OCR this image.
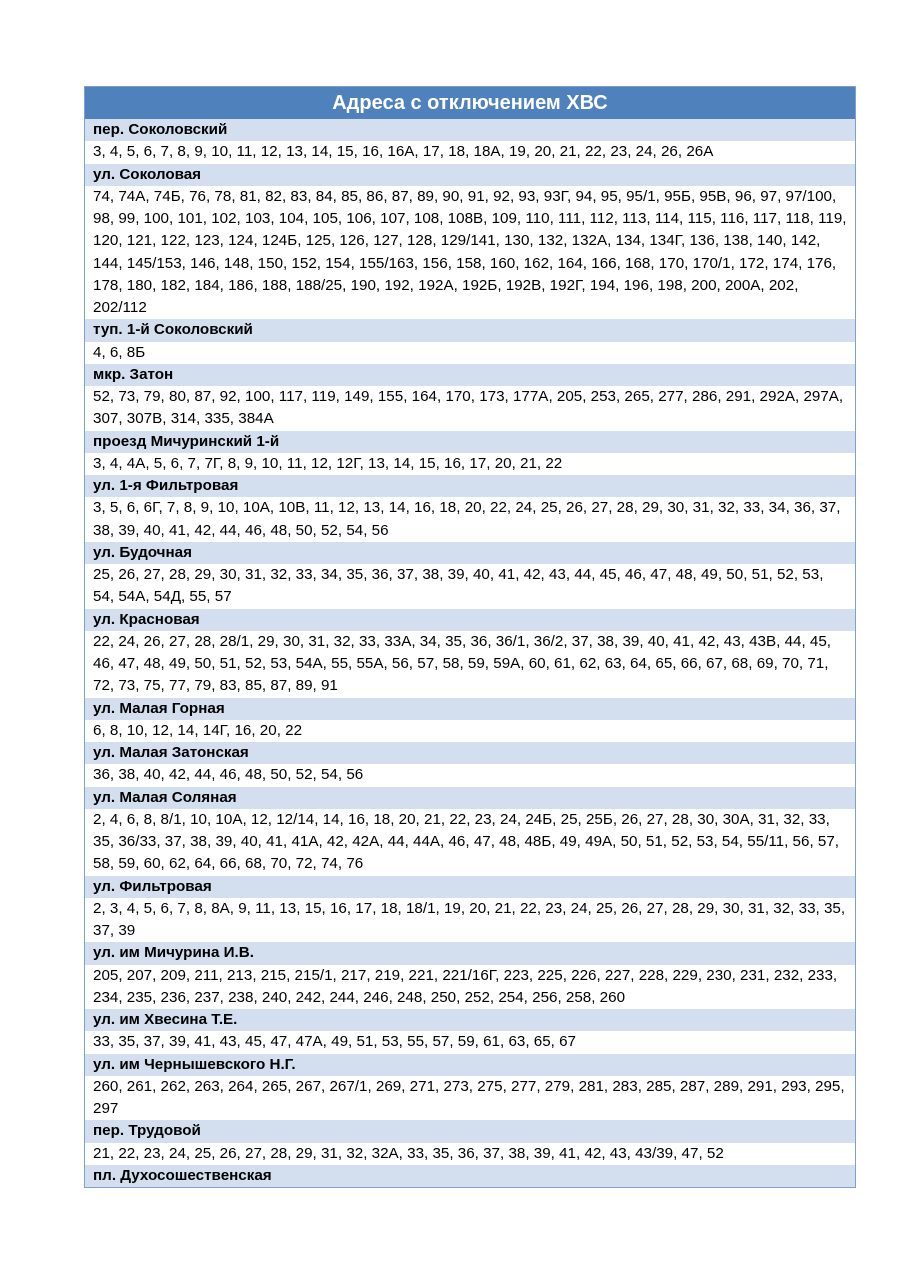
Адреса с отключением ХВС
пер. Соколовский
3, 4, 5, 6, 7, 8, 9, 10, 11, 12, 13, 14, 15, 16, 16А, 17, 18, 18А, 19, 20, 21, 22, 23, 24, 26, 26А
ул. Соколовая
74, 74А, 74Б, 76, 78, 81, 82, 83, 84, 85, 86, 87, 89, 90, 91, 92, 93, 93Г, 94, 95, 95/1, 95Б, 95В, 96, 97, 97/100, 98, 99, 100, 101, 102, 103, 104, 105, 106, 107, 108, 108В, 109, 110, 111, 112, 113, 114, 115, 116, 117, 118, 119, 120, 121, 122, 123, 124, 124Б, 125, 126, 127, 128, 129/141, 130, 132, 132А, 134, 134Г, 136, 138, 140, 142, 144, 145/153, 146, 148, 150, 152, 154, 155/163, 156, 158, 160, 162, 164, 166, 168, 170, 170/1, 172, 174, 176, 178, 180, 182, 184, 186, 188, 188/25, 190, 192, 192А, 192Б, 192В, 192Г, 194, 196, 198, 200, 200А, 202, 202/112
туп. 1-й Соколовский
4, 6, 8Б
мкр. Затон
52, 73, 79, 80, 87, 92, 100, 117, 119, 149, 155, 164, 170, 173, 177А, 205, 253, 265, 277, 286, 291, 292А, 297А, 307, 307В, 314, 335, 384А
проезд Мичуринский 1-й
3, 4, 4А, 5, 6, 7, 7Г, 8, 9, 10, 11, 12, 12Г, 13, 14, 15, 16, 17, 20, 21, 22
ул. 1-я Фильтровая
3, 5, 6, 6Г, 7, 8, 9, 10, 10А, 10В, 11, 12, 13, 14, 16, 18, 20, 22, 24, 25, 26, 27, 28, 29, 30, 31, 32, 33, 34, 36, 37, 38, 39, 40, 41, 42, 44, 46, 48, 50, 52, 54, 56
ул. Будочная
25, 26, 27, 28, 29, 30, 31, 32, 33, 34, 35, 36, 37, 38, 39, 40, 41, 42, 43, 44, 45, 46, 47, 48, 49, 50, 51, 52, 53, 54, 54А, 54Д, 55, 57
ул. Красновая
22, 24, 26, 27, 28, 28/1, 29, 30, 31, 32, 33, 33А, 34, 35, 36, 36/1, 36/2, 37, 38, 39, 40, 41, 42, 43, 43В, 44, 45, 46, 47, 48, 49, 50, 51, 52, 53, 54А, 55, 55А, 56, 57, 58, 59, 59А, 60, 61, 62, 63, 64, 65, 66, 67, 68, 69, 70, 71, 72, 73, 75, 77, 79, 83, 85, 87, 89, 91
ул. Малая Горная
6, 8, 10, 12, 14, 14Г, 16, 20, 22
ул. Малая Затонская
36, 38, 40, 42, 44, 46, 48, 50, 52, 54, 56
ул. Малая Соляная
2, 4, 6, 8, 8/1, 10, 10А, 12, 12/14, 14, 16, 18, 20, 21, 22, 23, 24, 24Б, 25, 25Б, 26, 27, 28, 30, 30А, 31, 32, 33, 35, 36/33, 37, 38, 39, 40, 41, 41А, 42, 42А, 44, 44А, 46, 47, 48, 48Б, 49, 49А, 50, 51, 52, 53, 54, 55/11, 56, 57, 58, 59, 60, 62, 64, 66, 68, 70, 72, 74, 76
ул. Фильтровая
2, 3, 4, 5, 6, 7, 8, 8А, 9, 11, 13, 15, 16, 17, 18, 18/1, 19, 20, 21, 22, 23, 24, 25, 26, 27, 28, 29, 30, 31, 32, 33, 35, 37, 39
ул. им Мичурина И.В.
205, 207, 209, 211, 213, 215, 215/1, 217, 219, 221, 221/16Г, 223, 225, 226, 227, 228, 229, 230, 231, 232, 233, 234, 235, 236, 237, 238, 240, 242, 244, 246, 248, 250, 252, 254, 256, 258, 260
ул. им Хвесина Т.Е.
33, 35, 37, 39, 41, 43, 45, 47, 47А, 49, 51, 53, 55, 57, 59, 61, 63, 65, 67
ул. им Чернышевского Н.Г.
260, 261, 262, 263, 264, 265, 267, 267/1, 269, 271, 273, 275, 277, 279, 281, 283, 285, 287, 289, 291, 293, 295, 297
пер. Трудовой
21, 22, 23, 24, 25, 26, 27, 28, 29, 31, 32, 32А, 33, 35, 36, 37, 38, 39, 41, 42, 43, 43/39, 47, 52
пл. Духосошественская
